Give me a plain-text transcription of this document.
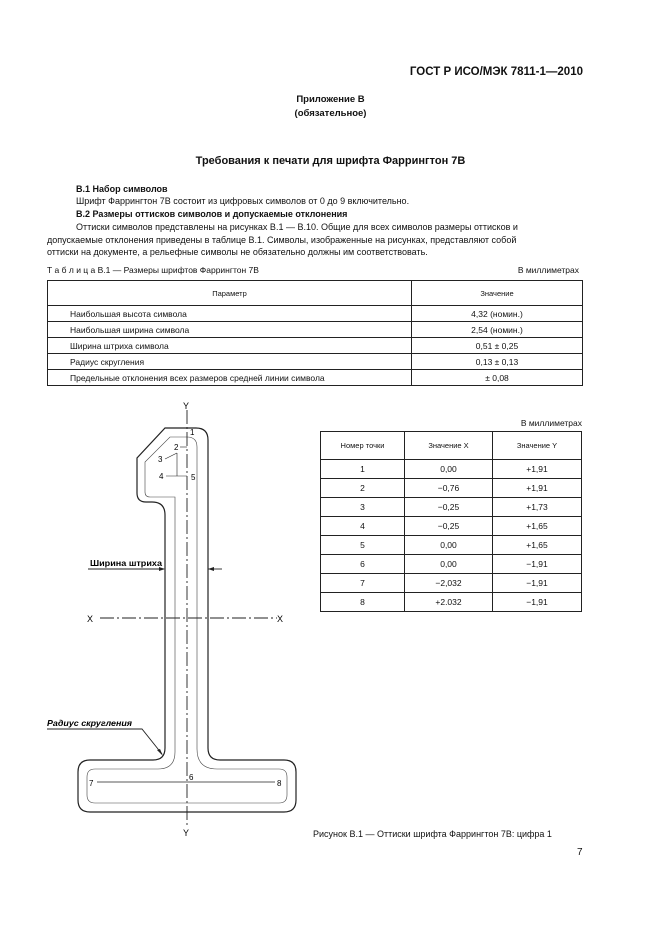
ГОСТ Р ИСО/МЭК 7811-1—2010
Приложение В
(обязательное)
Требования к печати для шрифта Фаррингтон 7В
В.1 Набор символов
Шрифт Фаррингтон 7В состоит из цифровых символов от 0 до 9 включительно.
В.2 Размеры оттисков символов и допускаемые отклонения
Оттиски символов представлены на рисунках В.1 — В.10. Общие для всех символов размеры оттисков и
допускаемые отклонения приведены в таблице В.1. Символы, изображенные на рисунках, представляют собой
оттиски на документе, а рельефные символы не обязательно должны им соответствовать.
Т а б л и ц а В.1 — Размеры шрифтов Фаррингтон 7В	В миллиметрах
Параметр	Значение
Наибольшая высота символа	4,32 (номин.)
Наибольшая ширина символа	2,54 (номин.)
Ширина штриха символа	0,51 ± 0,25
Радиус скругления	0,13 ± 0,13
Предельные отклонения всех размеров средней линии символа	± 0,08
Y
Y
X	X
Ширина штриха
Радиус скругления
1
2
3
4	5
6
7	8
В миллиметрах
Номер точки	Значение X	Значение Y
1	0,00	+1,91
2	−0,76	+1,91
3	−0,25	+1,73
4	−0,25	+1,65
5	0,00	+1,65
6	0,00	−1,91
7	−2,032	−1,91
8	+2.032	−1,91
Рисунок В.1 — Оттиски шрифта Фаррингтон 7В: цифра 1
7
